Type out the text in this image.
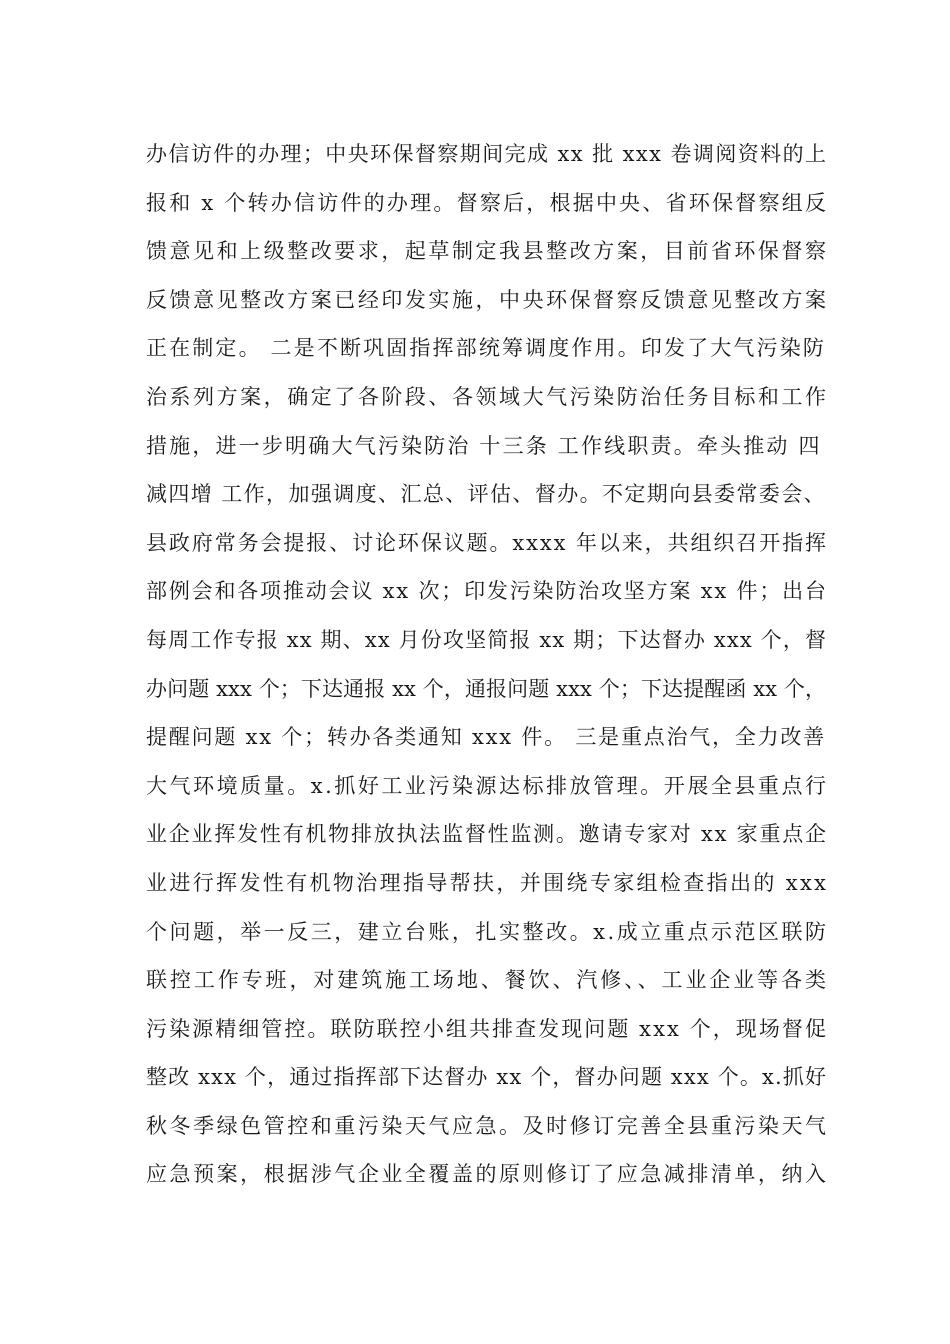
办信访件的办理；中央环保督察期间完成 xx 批 xxx 卷调阅资料的上
报和 x 个转办信访件的办理。督察后，根据中央、省环保督察组反
馈意见和上级整改要求，起草制定我县整改方案，目前省环保督察
反馈意见整改方案已经印发实施，中央环保督察反馈意见整改方案
正在制定。 二是不断巩固指挥部统筹调度作用。印发了大气污染防
治系列方案，确定了各阶段、各领域大气污染防治任务目标和工作
措施，进一步明确大气污染防治 十三条 工作线职责。牵头推动 四
减四增 工作，加强调度、汇总、评估、督办。不定期向县委常委会、
县政府常务会提报、讨论环保议题。xxxx 年以来，共组织召开指挥
部例会和各项推动会议 xx 次；印发污染防治攻坚方案 xx 件；出台
每周工作专报 xx 期、xx 月份攻坚简报 xx 期；下达督办 xxx 个，督
办问题 xxx 个；下达通报 xx 个，通报问题 xxx 个；下达提醒函 xx 个，
提醒问题 xx 个；转办各类通知 xxx 件。 三是重点治气，全力改善
大气环境质量。x.抓好工业污染源达标排放管理。开展全县重点行
业企业挥发性有机物排放执法监督性监测。邀请专家对 xx 家重点企
业进行挥发性有机物治理指导帮扶，并围绕专家组检查指出的 xxx
个问题，举一反三，建立台账，扎实整改。x.成立重点示范区联防
联控工作专班，对建筑施工场地、餐饮、汽修、、工业企业等各类
污染源精细管控。联防联控小组共排查发现问题 xxx 个，现场督促
整改 xxx 个，通过指挥部下达督办 xx 个，督办问题 xxx 个。x.抓好
秋冬季绿色管控和重污染天气应急。及时修订完善全县重污染天气
应急预案，根据涉气企业全覆盖的原则修订了应急减排清单，纳入
